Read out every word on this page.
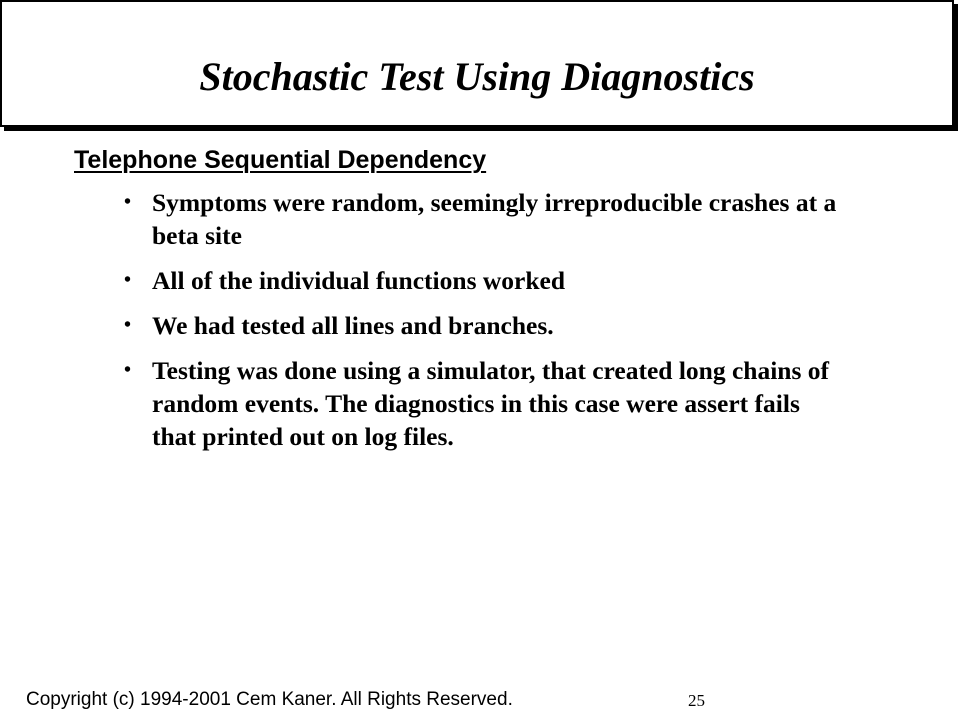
Stochastic Test Using Diagnostics

Telephone Sequential Dependency

• Symptoms were random, seemingly irreproducible crashes at a beta site
• All of the individual functions worked
• We had tested all lines and branches.
• Testing was done using a simulator, that created long chains of random events. The diagnostics in this case were assert fails that printed out on log files.

Copyright (c) 1994-2001 Cem Kaner. All Rights Reserved.	25
